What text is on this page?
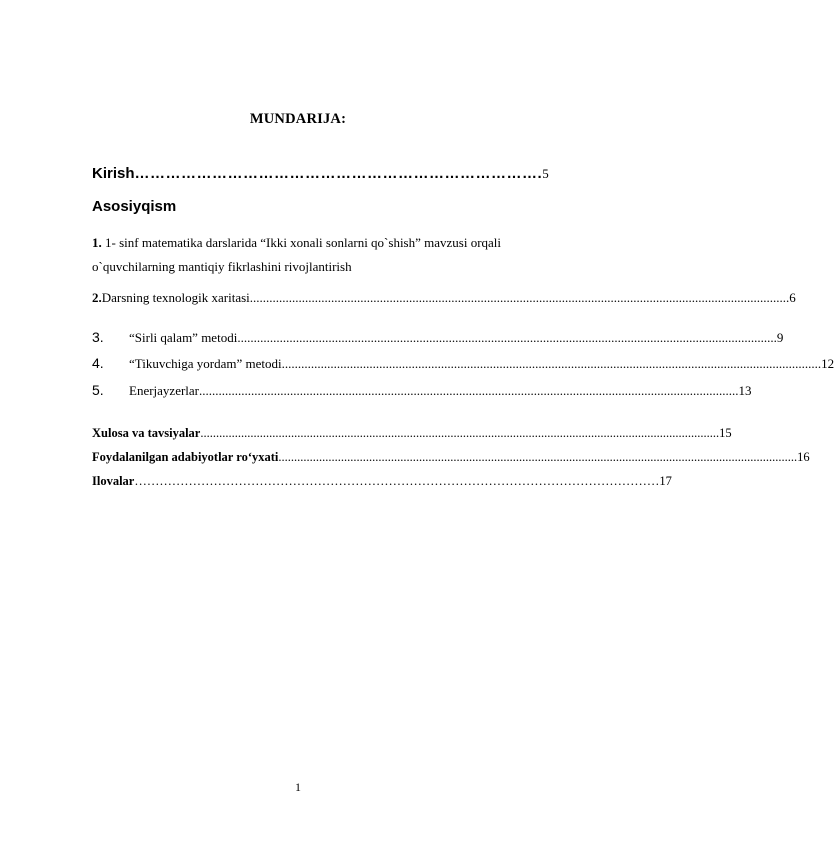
MUNDARIJA:
Kirish ……………………………………………………………………. 5
Asosiyqism
1. 1- sinf matematika darslarida “Ikki xonali sonlarni qo`shish” mavzusi orqali o`quvchilarning mantiqiy fikrlashini rivojlantirish
2.Darsning texnologik xaritasi ...................................................................................................................................................................... 6
3. “Sirli qalam” metodi ...................................................................................................................................................................... 9
4. “Tikuvchiga yordam” metodi ...................................................................................................................................................................... 12
5. Enerjayzerlar ...................................................................................................................................................................... 13
Xulosa va tavsiyalar ...................................................................................................................................................................... 15
Foydalanilgan adabiyotlar ro‘yxati ...................................................................................................................................................................... 16
Ilovalar ……………………………………………………………………………………………………………… 17
1
